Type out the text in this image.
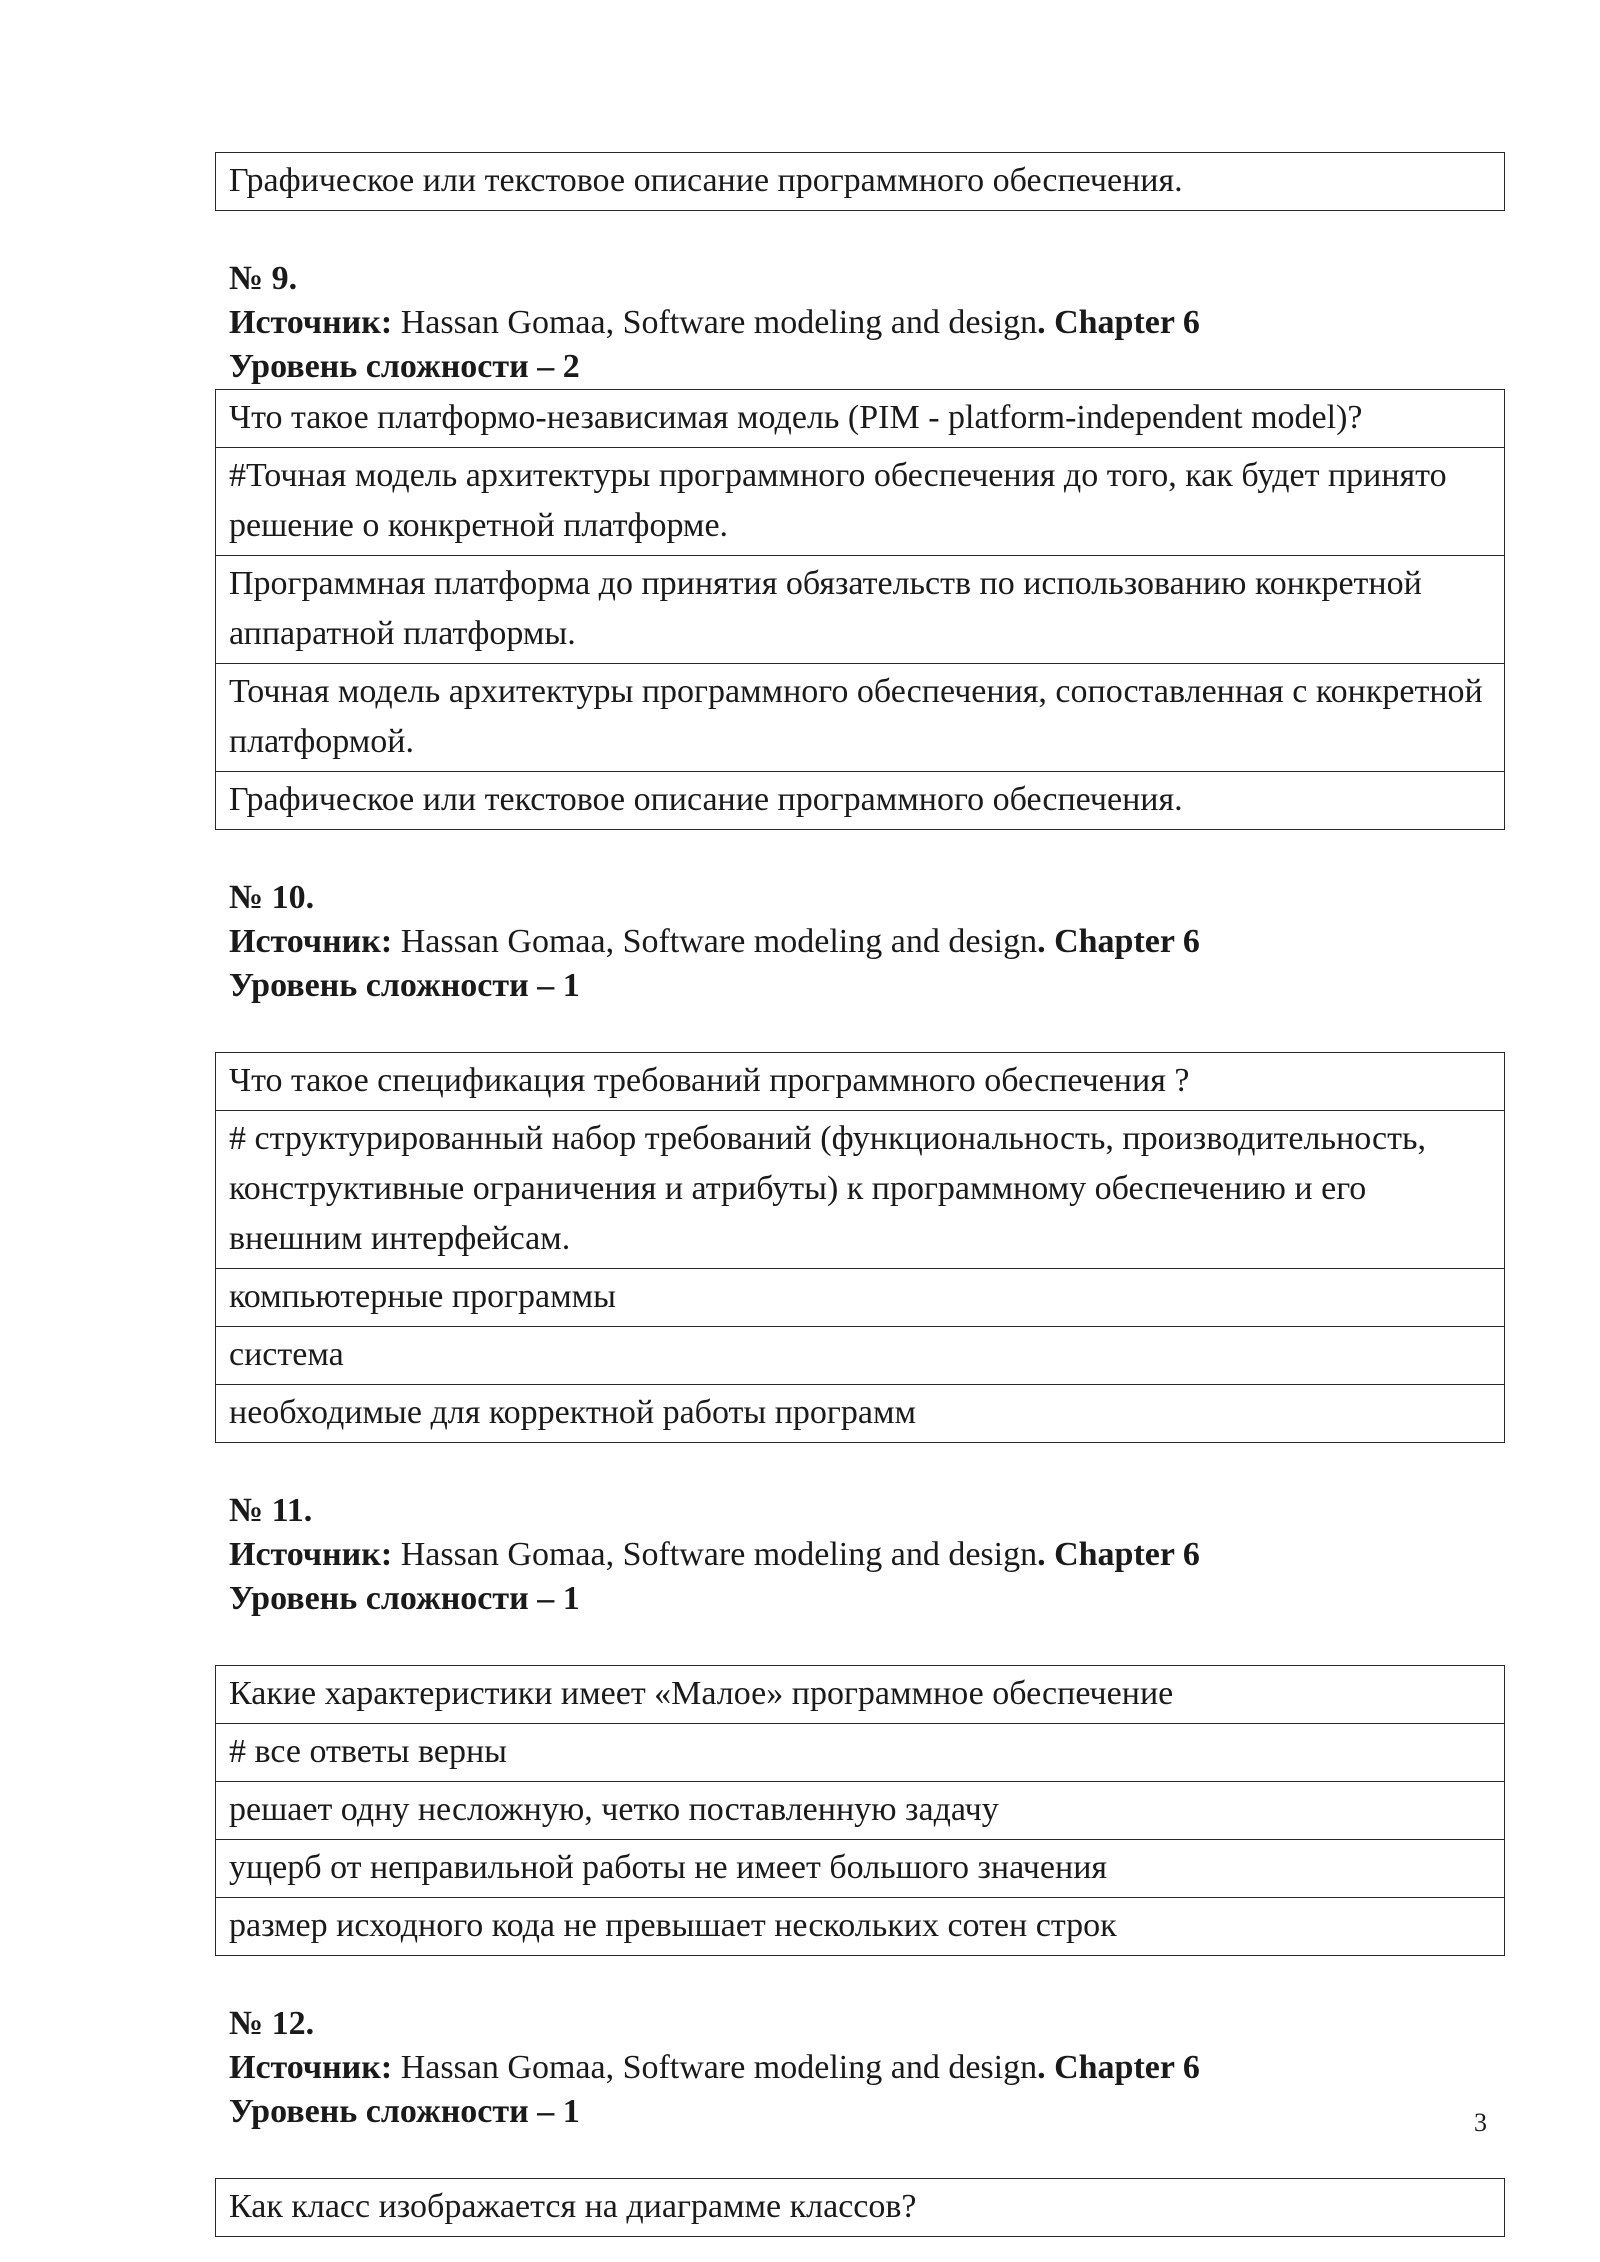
Графическое или текстовое описание программного обеспечения.
№ 9.
Источник: Hassan Gomaa, Software modeling and design. Chapter 6
Уровень сложности – 2
Что такое платформо-независимая модель (PIM - platform-independent model)?
#Точная модель архитектуры программного обеспечения до того, как будет принято решение о конкретной платформе.
Программная платформа до принятия обязательств по использованию конкретной аппаратной платформы.
Точная модель архитектуры программного обеспечения, сопоставленная с конкретной платформой.
Графическое или текстовое описание программного обеспечения.
№ 10.
Источник: Hassan Gomaa, Software modeling and design. Chapter 6
Уровень сложности – 1
Что такое спецификация требований программного обеспечения ?
# структурированный набор требований (функциональность, производительность, конструктивные ограничения и атрибуты) к программному обеспечению и его внешним интерфейсам.
компьютерные программы
система
необходимые для корректной работы программ
№ 11.
Источник: Hassan Gomaa, Software modeling and design. Chapter 6
Уровень сложности – 1
Какие характеристики имеет «Малое» программное обеспечение
# все ответы верны
решает одну несложную, четко поставленную задачу
ущерб от неправильной работы не имеет большого значения
размер исходного кода не превышает нескольких сотен строк
№ 12.
Источник: Hassan Gomaa, Software modeling and design. Chapter 6
Уровень сложности – 1
Как класс изображается на диаграмме классов?
3
